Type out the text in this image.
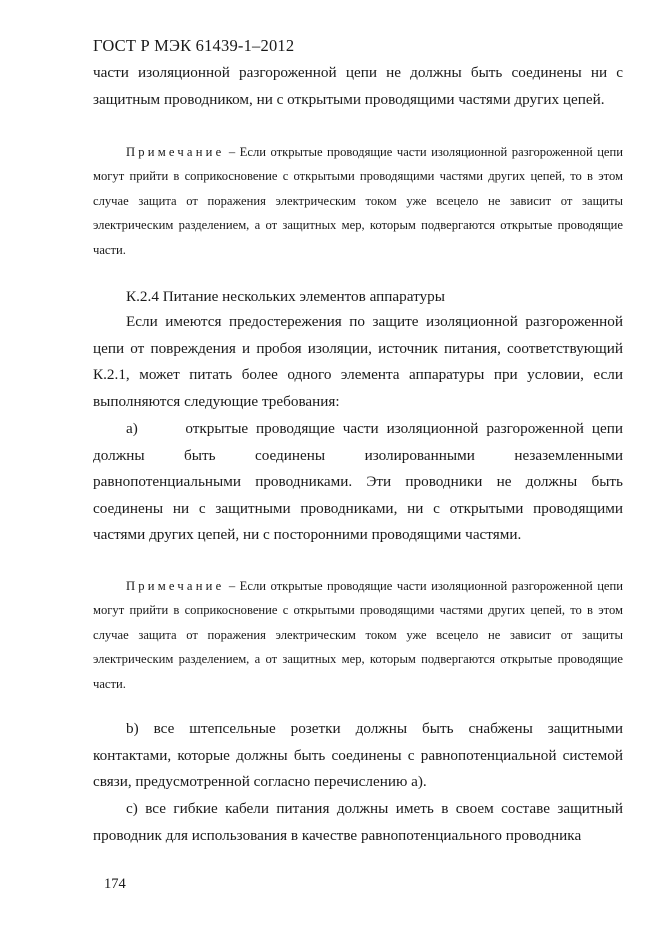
ГОСТ Р МЭК 61439-1–2012

части изоляционной разгороженной цепи не должны быть соединены ни с защитным проводником, ни с открытыми проводящими частями других цепей.

Примечание – Если открытые проводящие части изоляционной разгороженной цепи могут прийти в соприкосновение с открытыми проводящими частями других цепей, то в этом случае защита от поражения электрическим током уже всецело не зависит от защиты электрическим разделением, а от защитных мер, которым подвергаются открытые проводящие части.

К.2.4 Питание нескольких элементов аппаратуры

Если имеются предостережения по защите изоляционной разгороженной цепи от повреждения и пробоя изоляции, источник питания, соответствующий К.2.1, может питать более одного элемента аппаратуры при условии, если выполняются следующие требования:

a)	открытые проводящие части изоляционной разгороженной цепи должны быть соединены изолированными незаземленными равнопотенциальными проводниками. Эти проводники не должны быть соединены ни с защитными проводниками, ни с открытыми проводящими частями других цепей, ни с посторонними проводящими частями.

Примечание – Если открытые проводящие части изоляционной разгороженной цепи могут прийти в соприкосновение с открытыми проводящими частями других цепей, то в этом случае защита от поражения электрическим током уже всецело не зависит от защиты электрическим разделением, а от защитных мер, которым подвергаются открытые проводящие части.

b) все штепсельные розетки должны быть снабжены защитными контактами, которые должны быть соединены с равнопотенциальной системой связи, предусмотренной согласно перечислению а).

c) все гибкие кабели питания должны иметь в своем составе защитный проводник для использования в качестве равнопотенциального проводника

174
